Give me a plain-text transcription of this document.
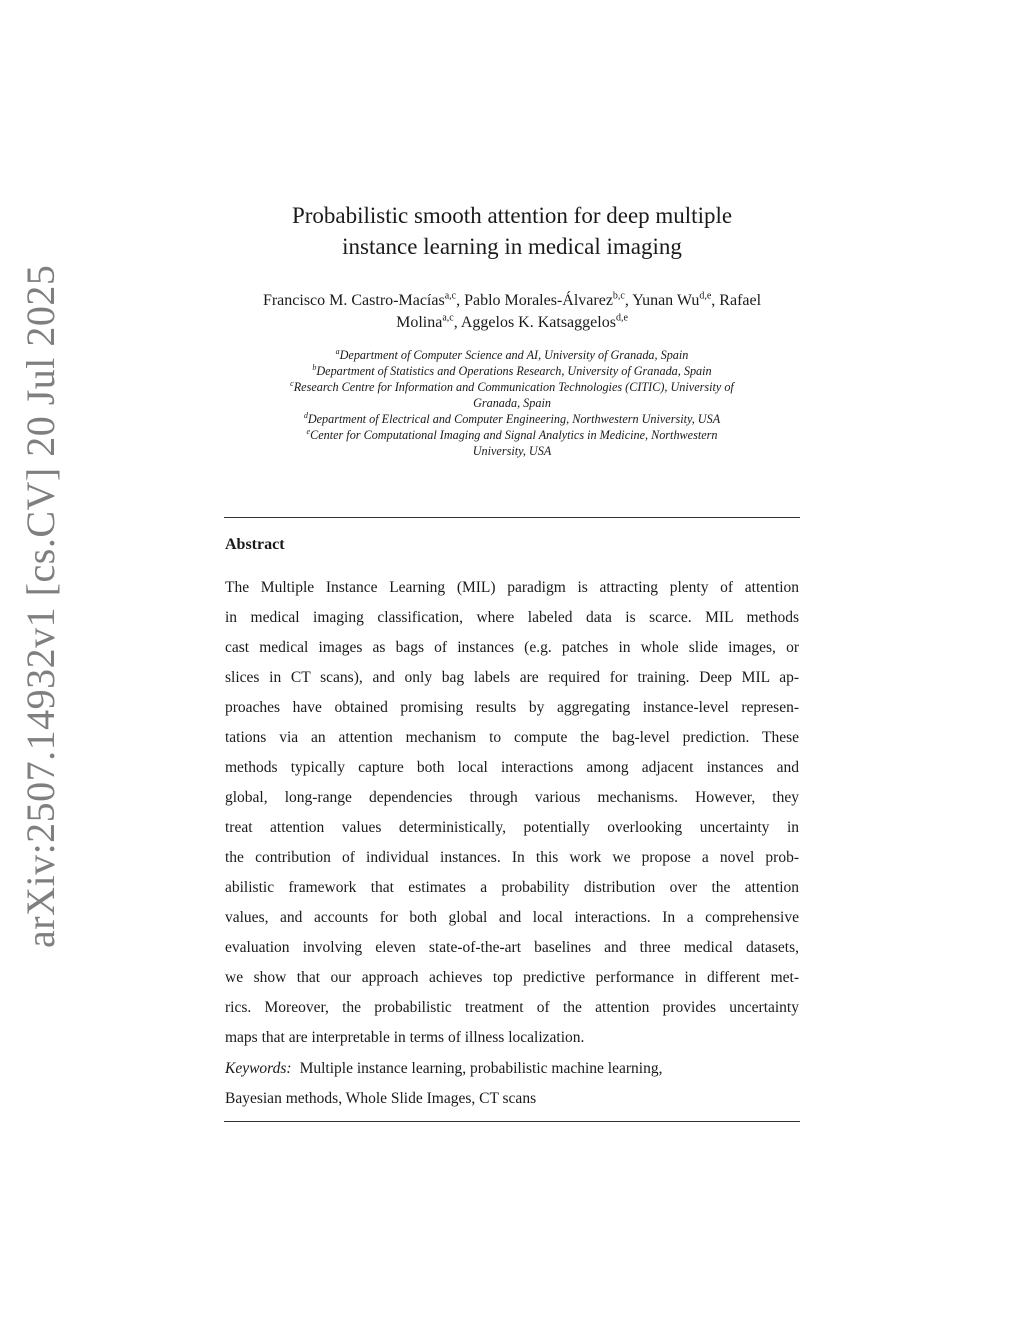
arXiv:2507.14932v1 [cs.CV] 20 Jul 2025
Probabilistic smooth attention for deep multiple
instance learning in medical imaging
Francisco M. Castro-Macías$^{a,c}$, Pablo Morales-Álvarez$^{b,c}$, Yunan Wu$^{d,e}$, Rafael
Molina$^{a,c}$, Aggelos K. Katsaggelos$^{d,e}$
$^a$Department of Computer Science and AI, University of Granada, Spain
$^b$Department of Statistics and Operations Research, University of Granada, Spain
$^c$Research Centre for Information and Communication Technologies (CITIC), University of
Granada, Spain
$^d$Department of Electrical and Computer Engineering, Northwestern University, USA
$^e$Center for Computational Imaging and Signal Analytics in Medicine, Northwestern
University, USA
Abstract
The Multiple Instance Learning (MIL) paradigm is attracting plenty of attention
in medical imaging classification, where labeled data is scarce. MIL methods
cast medical images as bags of instances (e.g. patches in whole slide images, or
slices in CT scans), and only bag labels are required for training. Deep MIL ap-
proaches have obtained promising results by aggregating instance-level represen-
tations via an attention mechanism to compute the bag-level prediction. These
methods typically capture both local interactions among adjacent instances and
global, long-range dependencies through various mechanisms. However, they
treat attention values deterministically, potentially overlooking uncertainty in
the contribution of individual instances. In this work we propose a novel prob-
abilistic framework that estimates a probability distribution over the attention
values, and accounts for both global and local interactions. In a comprehensive
evaluation involving eleven state-of-the-art baselines and three medical datasets,
we show that our approach achieves top predictive performance in different met-
rics. Moreover, the probabilistic treatment of the attention provides uncertainty
maps that are interpretable in terms of illness localization.
Keywords: Multiple instance learning, probabilistic machine learning,
Bayesian methods, Whole Slide Images, CT scans
